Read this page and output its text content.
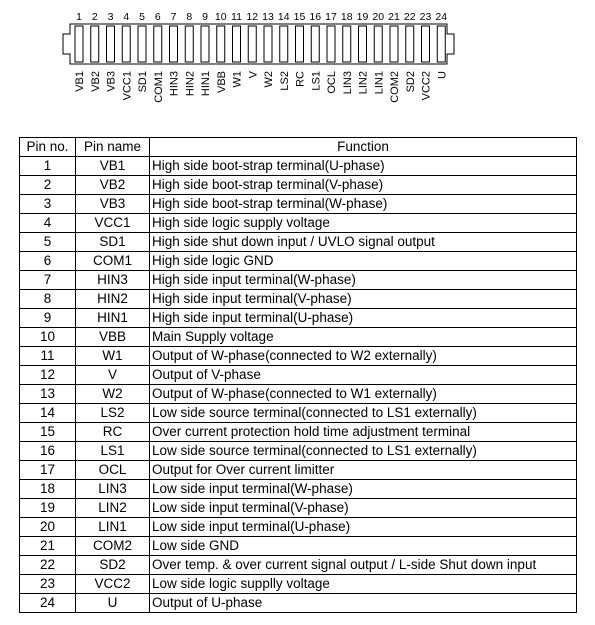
1 2 3 4 5 6 7 8 9 10 11 12 13 14 15 16 17 18 19 20 21 22 23 24
VB1 VB2 VB3 VCC1 SD1 COM1 HIN3 HIN2 HIN1 VBB W1 V W2 LS2 RC LS1 OCL LIN3 LIN2 LIN1 COM2 SD2 VCC2 U
Pin no.	Pin name	Function
1	VB1	High side boot-strap terminal(U-phase)
2	VB2	High side boot-strap terminal(V-phase)
3	VB3	High side boot-strap terminal(W-phase)
4	VCC1	High side logic supply voltage
5	SD1	High side shut down input / UVLO signal output
6	COM1	High side logic GND
7	HIN3	High side input terminal(W-phase)
8	HIN2	High side input terminal(V-phase)
9	HIN1	High side input terminal(U-phase)
10	VBB	Main Supply voltage
11	W1	Output of W-phase(connected to W2 externally)
12	V	Output of V-phase
13	W2	Output of W-phase(connected to W1 externally)
14	LS2	Low side source terminal(connected to LS1 externally)
15	RC	Over current protection hold time adjustment terminal
16	LS1	Low side source terminal(connected to LS1 externally)
17	OCL	Output for Over current limitter
18	LIN3	Low side input terminal(W-phase)
19	LIN2	Low side input terminal(V-phase)
20	LIN1	Low side input terminal(U-phase)
21	COM2	Low side GND
22	SD2	Over temp. & over current signal output / L-side Shut down input
23	VCC2	Low side logic supplly voltage
24	U	Output of U-phase
